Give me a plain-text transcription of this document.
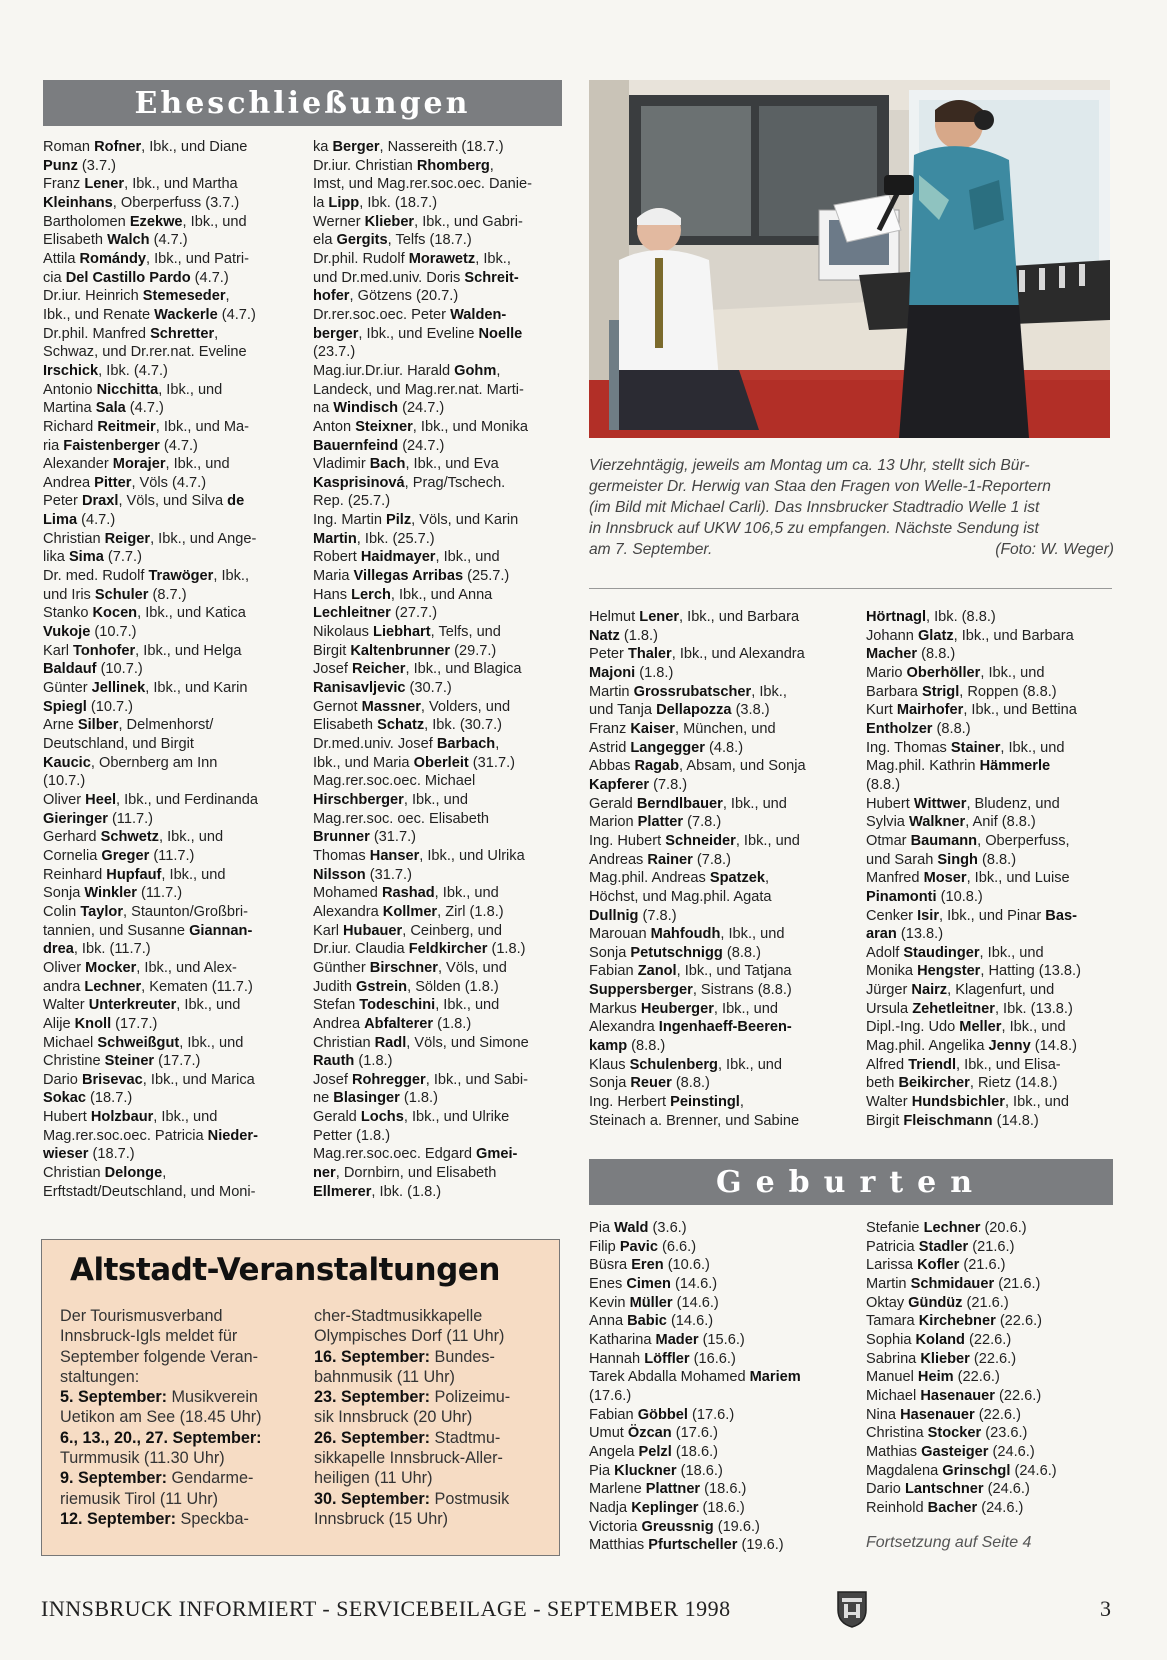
Eheschließungen

Roman Rofner, Ibk., und Diane

Punz (3.7.)

Franz Lener, Ibk., und Martha

Kleinhans, Oberperfuss (3.7.)

Bartholomen Ezekwe, Ibk., und

Elisabeth Walch (4.7.)

Attila Romándy, Ibk., und Patri-

cia Del Castillo Pardo (4.7.)

Dr.iur. Heinrich Stemeseder,

Ibk., und Renate Wackerle (4.7.)

Dr.phil. Manfred Schretter,

Schwaz, und Dr.rer.nat. Eveline

Irschick, Ibk. (4.7.)

Antonio Nicchitta, Ibk., und

Martina Sala (4.7.)

Richard Reitmeir, Ibk., und Ma-

ria Faistenberger (4.7.)

Alexander Morajer, Ibk., und

Andrea Pitter, Völs (4.7.)

Peter Draxl, Völs, und Silva de

Lima (4.7.)

Christian Reiger, Ibk., und Ange-

lika Sima (7.7.)

Dr. med. Rudolf Trawöger, Ibk.,

und Iris Schuler (8.7.)

Stanko Kocen, Ibk., und Katica

Vukoje (10.7.)

Karl Tonhofer, Ibk., und Helga

Baldauf (10.7.)

Günter Jellinek, Ibk., und Karin

Spiegl (10.7.)

Arne Silber, Delmenhorst/

Deutschland, und Birgit

Kaucic, Obernberg am Inn

(10.7.)

Oliver Heel, Ibk., und Ferdinanda

Gieringer (11.7.)

Gerhard Schwetz, Ibk., und

Cornelia Greger (11.7.)

Reinhard Hupfauf, Ibk., und

Sonja Winkler (11.7.)

Colin Taylor, Staunton/Großbri-

tannien, und Susanne Giannan-

drea, Ibk. (11.7.)

Oliver Mocker, Ibk., und Alex-

andra Lechner, Kematen (11.7.)

Walter Unterkreuter, Ibk., und

Alije Knoll (17.7.)

Michael Schweißgut, Ibk., und

Christine Steiner (17.7.)

Dario Brisevac, Ibk., und Marica

Sokac (18.7.)

Hubert Holzbaur, Ibk., und

Mag.rer.soc.oec. Patricia Nieder-

wieser (18.7.)

Christian Delonge,

Erftstadt/Deutschland, und Moni-

ka Berger, Nassereith (18.7.)

Dr.iur. Christian Rhomberg,

Imst, und Mag.rer.soc.oec. Danie-

la Lipp, Ibk. (18.7.)

Werner Klieber, Ibk., und Gabri-

ela Gergits, Telfs (18.7.)

Dr.phil. Rudolf Morawetz, Ibk.,

und Dr.med.univ. Doris Schreit-

hofer, Götzens (20.7.)

Dr.rer.soc.oec. Peter Walden-

berger, Ibk., und Eveline Noelle

(23.7.)

Mag.iur.Dr.iur. Harald Gohm,

Landeck, und Mag.rer.nat. Marti-

na Windisch (24.7.)

Anton Steixner, Ibk., und Monika

Bauernfeind (24.7.)

Vladimir Bach, Ibk., und Eva

Kasprisinová, Prag/Tschech.

Rep. (25.7.)

Ing. Martin Pilz, Völs, und Karin

Martin, Ibk. (25.7.)

Robert Haidmayer, Ibk., und

Maria Villegas Arribas (25.7.)

Hans Lerch, Ibk., und Anna

Lechleitner (27.7.)

Nikolaus Liebhart, Telfs, und

Birgit Kaltenbrunner (29.7.)

Josef Reicher, Ibk., und Blagica

Ranisavljevic (30.7.)

Gernot Massner, Volders, und

Elisabeth Schatz, Ibk. (30.7.)

Dr.med.univ. Josef Barbach,

Ibk., und Maria Oberleit (31.7.)

Mag.rer.soc.oec. Michael

Hirschberger, Ibk., und

Mag.rer.soc. oec. Elisabeth

Brunner (31.7.)

Thomas Hanser, Ibk., und Ulrika

Nilsson (31.7.)

Mohamed Rashad, Ibk., und

Alexandra Kollmer, Zirl (1.8.)

Karl Hubauer, Ceinberg, und

Dr.iur. Claudia Feldkircher (1.8.)

Günther Birschner, Völs, und

Judith Gstrein, Sölden (1.8.)

Stefan Todeschini, Ibk., und

Andrea Abfalterer (1.8.)

Christian Radl, Völs, und Simone

Rauth (1.8.)

Josef Rohregger, Ibk., und Sabi-

ne Blasinger (1.8.)

Gerald Lochs, Ibk., und Ulrike

Petter (1.8.)

Mag.rer.soc.oec. Edgard Gmei-

ner, Dornbirn, und Elisabeth

Ellmerer, Ibk. (1.8.)

Vierzehntägig, jeweils am Montag um ca. 13 Uhr, stellt sich Bür-

germeister Dr. Herwig van Staa den Fragen von Welle-1-Reportern

(im Bild mit Michael Carli). Das Innsbrucker Stadtradio Welle 1 ist

in Innsbruck auf UKW 106,5 zu empfangen. Nächste Sendung ist

am 7. September.	(Foto: W. Weger)

Helmut Lener, Ibk., und Barbara

Natz (1.8.)

Peter Thaler, Ibk., und Alexandra

Majoni (1.8.)

Martin Grossrubatscher, Ibk.,

und Tanja Dellapozza (3.8.)

Franz Kaiser, München, und

Astrid Langegger (4.8.)

Abbas Ragab, Absam, und Sonja

Kapferer (7.8.)

Gerald Berndlbauer, Ibk., und

Marion Platter (7.8.)

Ing. Hubert Schneider, Ibk., und

Andreas Rainer (7.8.)

Mag.phil. Andreas Spatzek,

Höchst, und Mag.phil. Agata

Dullnig (7.8.)

Marouan Mahfoudh, Ibk., und

Sonja Petutschnigg (8.8.)

Fabian Zanol, Ibk., und Tatjana

Suppersberger, Sistrans (8.8.)

Markus Heuberger, Ibk., und

Alexandra Ingenhaeff-Beeren-

kamp (8.8.)

Klaus Schulenberg, Ibk., und

Sonja Reuer (8.8.)

Ing. Herbert Peinstingl,

Steinach a. Brenner, und Sabine

Hörtnagl, Ibk. (8.8.)

Johann Glatz, Ibk., und Barbara

Macher (8.8.)

Mario Oberhöller, Ibk., und

Barbara Strigl, Roppen (8.8.)

Kurt Mairhofer, Ibk., und Bettina

Entholzer (8.8.)

Ing. Thomas Stainer, Ibk., und

Mag.phil. Kathrin Hämmerle

(8.8.)

Hubert Wittwer, Bludenz, und

Sylvia Walkner, Anif (8.8.)

Otmar Baumann, Oberperfuss,

und Sarah Singh (8.8.)

Manfred Moser, Ibk., und Luise

Pinamonti (10.8.)

Cenker Isir, Ibk., und Pinar Bas-

aran (13.8.)

Adolf Staudinger, Ibk., und

Monika Hengster, Hatting (13.8.)

Jürger Nairz, Klagenfurt, und

Ursula Zehetleitner, Ibk. (13.8.)

Dipl.-Ing. Udo Meller, Ibk., und

Mag.phil. Angelika Jenny (14.8.)

Alfred Triendl, Ibk., und Elisa-

beth Beikircher, Rietz (14.8.)

Walter Hundsbichler, Ibk., und

Birgit Fleischmann (14.8.)

Geburten

Pia Wald (3.6.)

Filip Pavic (6.6.)

Büsra Eren (10.6.)

Enes Cimen (14.6.)

Kevin Müller (14.6.)

Anna Babic (14.6.)

Katharina Mader (15.6.)

Hannah Löffler (16.6.)

Tarek Abdalla Mohamed Mariem

(17.6.)

Fabian Göbbel (17.6.)

Umut Özcan (17.6.)

Angela Pelzl (18.6.)

Pia Kluckner (18.6.)

Marlene Plattner (18.6.)

Nadja Keplinger (18.6.)

Victoria Greussnig (19.6.)

Matthias Pfurtscheller (19.6.)

Stefanie Lechner (20.6.)

Patricia Stadler (21.6.)

Larissa Kofler (21.6.)

Martin Schmidauer (21.6.)

Oktay Gündüz (21.6.)

Tamara Kirchebner (22.6.)

Sophia Koland (22.6.)

Sabrina Klieber (22.6.)

Manuel Heim (22.6.)

Michael Hasenauer (22.6.)

Nina Hasenauer (22.6.)

Christina Stocker (23.6.)

Mathias Gasteiger (24.6.)

Magdalena Grinschgl (24.6.)

Dario Lantschner (24.6.)

Reinhold Bacher (24.6.)

Fortsetzung auf Seite 4
Altstadt-Veranstaltungen

Der Tourismusverband

Innsbruck-Igls meldet für

September folgende Veran-

staltungen:

5. September: Musikverein

Uetikon am See (18.45 Uhr)

6., 13., 20., 27. September:

Turmmusik (11.30 Uhr)

9. September: Gendarme-

riemusik Tirol (11 Uhr)

12. September: Speckba-

cher-Stadtmusikkapelle

Olympisches Dorf (11 Uhr)

16. September: Bundes-

bahnmusik (11 Uhr)

23. September: Polizeimu-

sik Innsbruck (20 Uhr)

26. September: Stadtmu-

sikkapelle Innsbruck-Aller-

heiligen (11 Uhr)

30. September: Postmusik

Innsbruck (15 Uhr)

INNSBRUCK INFORMIERT - SERVICEBEILAGE - SEPTEMBER 1998	3
